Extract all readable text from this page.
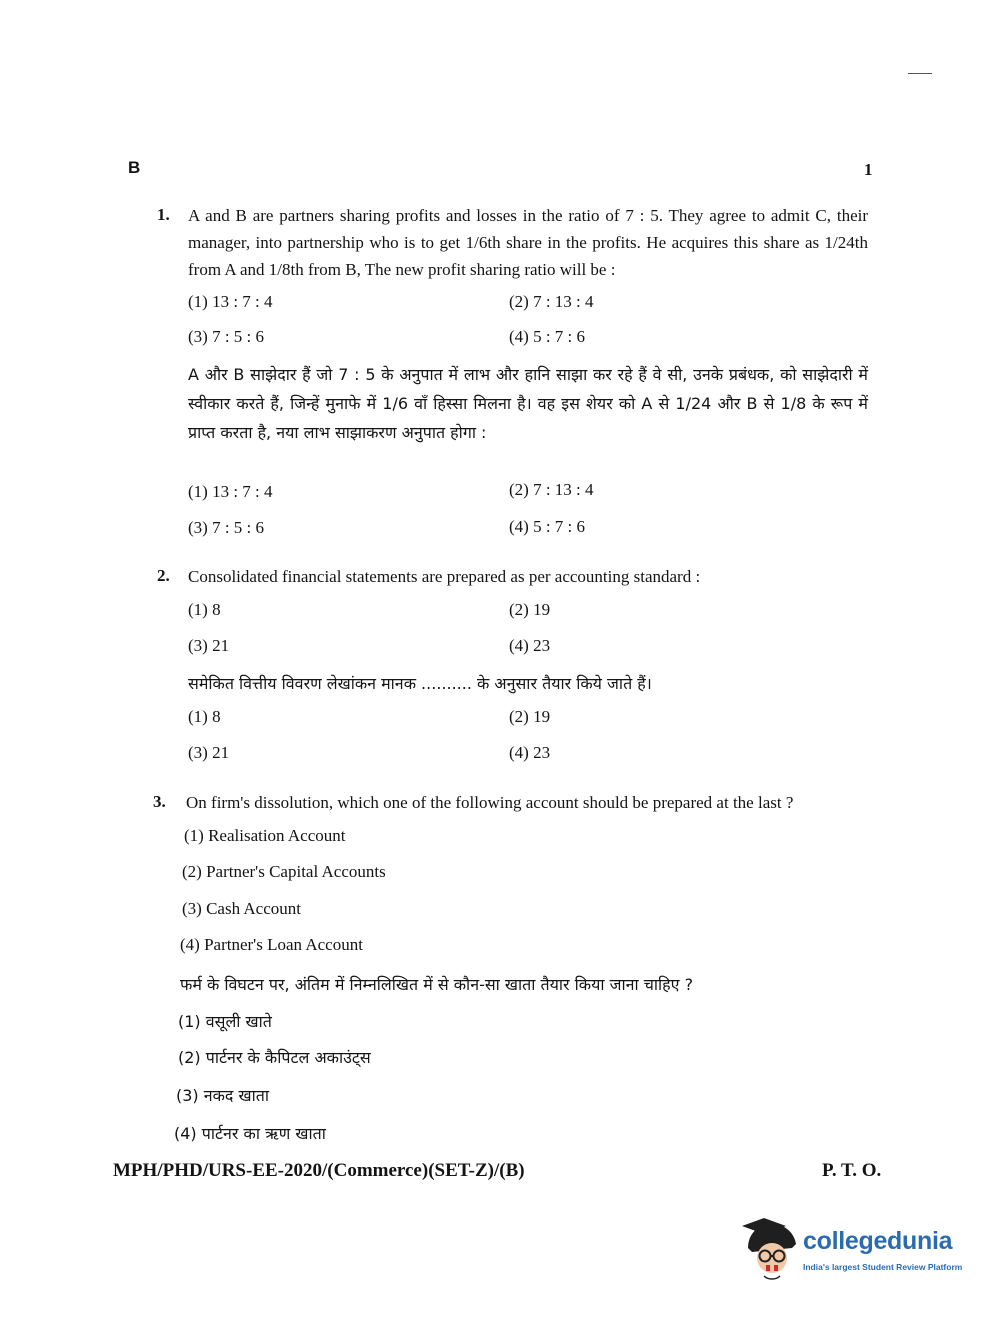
B	1
1. A and B are partners sharing profits and losses in the ratio of 7 : 5. They agree to admit C, their manager, into partnership who is to get 1/6th share in the profits. He acquires this share as 1/24th from A and 1/8th from B, The new profit sharing ratio will be :
(1) 13 : 7 : 4	(2) 7 : 13 : 4
(3) 7 : 5 : 6	(4) 5 : 7 : 6
A और B साझेदार हैं जो 7 : 5 के अनुपात में लाभ और हानि साझा कर रहे हैं वे सी, उनके प्रबंधक, को साझेदारी में स्वीकार करते हैं, जिन्हें मुनाफे में 1/6 वाँ हिस्सा मिलना है। वह इस शेयर को A से 1/24 और B से 1/8 के रूप में प्राप्त करता है, नया लाभ साझाकरण अनुपात होगा :
(1) 13 : 7 : 4	(2) 7 : 13 : 4
(3) 7 : 5 : 6	(4) 5 : 7 : 6
2. Consolidated financial statements are prepared as per accounting standard :
(1) 8	(2) 19
(3) 21	(4) 23
समेकित वित्तीय विवरण लेखांकन मानक .......... के अनुसार तैयार किये जाते हैं।
(1) 8	(2) 19
(3) 21	(4) 23
3. On firm's dissolution, which one of the following account should be prepared at the last ?
(1) Realisation Account
(2) Partner's Capital Accounts
(3) Cash Account
(4) Partner's Loan Account
फर्म के विघटन पर, अंतिम में निम्नलिखित में से कौन-सा खाता तैयार किया जाना चाहिए ?
(1) वसूली खाते
(2) पार्टनर के कैपिटल अकाउंट्स
(3) नकद खाता
(4) पार्टनर का ऋण खाता
MPH/PHD/URS-EE-2020/(Commerce)(SET-Z)/(B)	P. T. O.
collegedunia
India's largest Student Review Platform
